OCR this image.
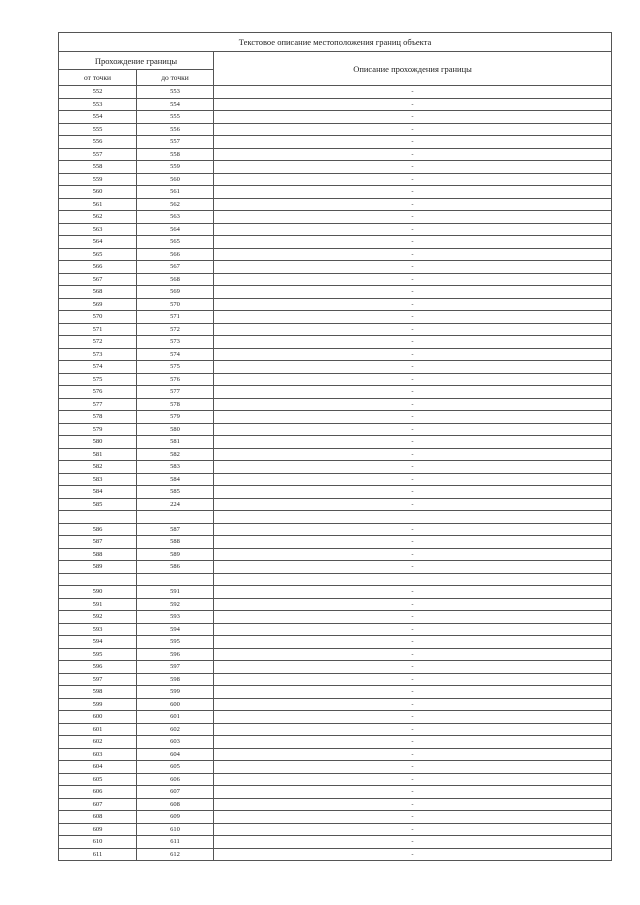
Текстовое описание местоположения границ объекта		
Прохождение границы		Описание прохождения границы
от точки	до точки	
552	553	-
553	554	-
554	555	-
555	556	-
556	557	-
557	558	-
558	559	-
559	560	-
560	561	-
561	562	-
562	563	-
563	564	-
564	565	-
565	566	-
566	567	-
567	568	-
568	569	-
569	570	-
570	571	-
571	572	-
572	573	-
573	574	-
574	575	-
575	576	-
576	577	-
577	578	-
578	579	-
579	580	-
580	581	-
581	582	-
582	583	-
583	584	-
584	585	-
585	224	-

586	587	-
587	588	-
588	589	-
589	586	-

590	591	-
591	592	-
592	593	-
593	594	-
594	595	-
595	596	-
596	597	-
597	598	-
598	599	-
599	600	-
600	601	-
601	602	-
602	603	-
603	604	-
604	605	-
605	606	-
606	607	-
607	608	-
608	609	-
609	610	-
610	611	-
611	612	-
